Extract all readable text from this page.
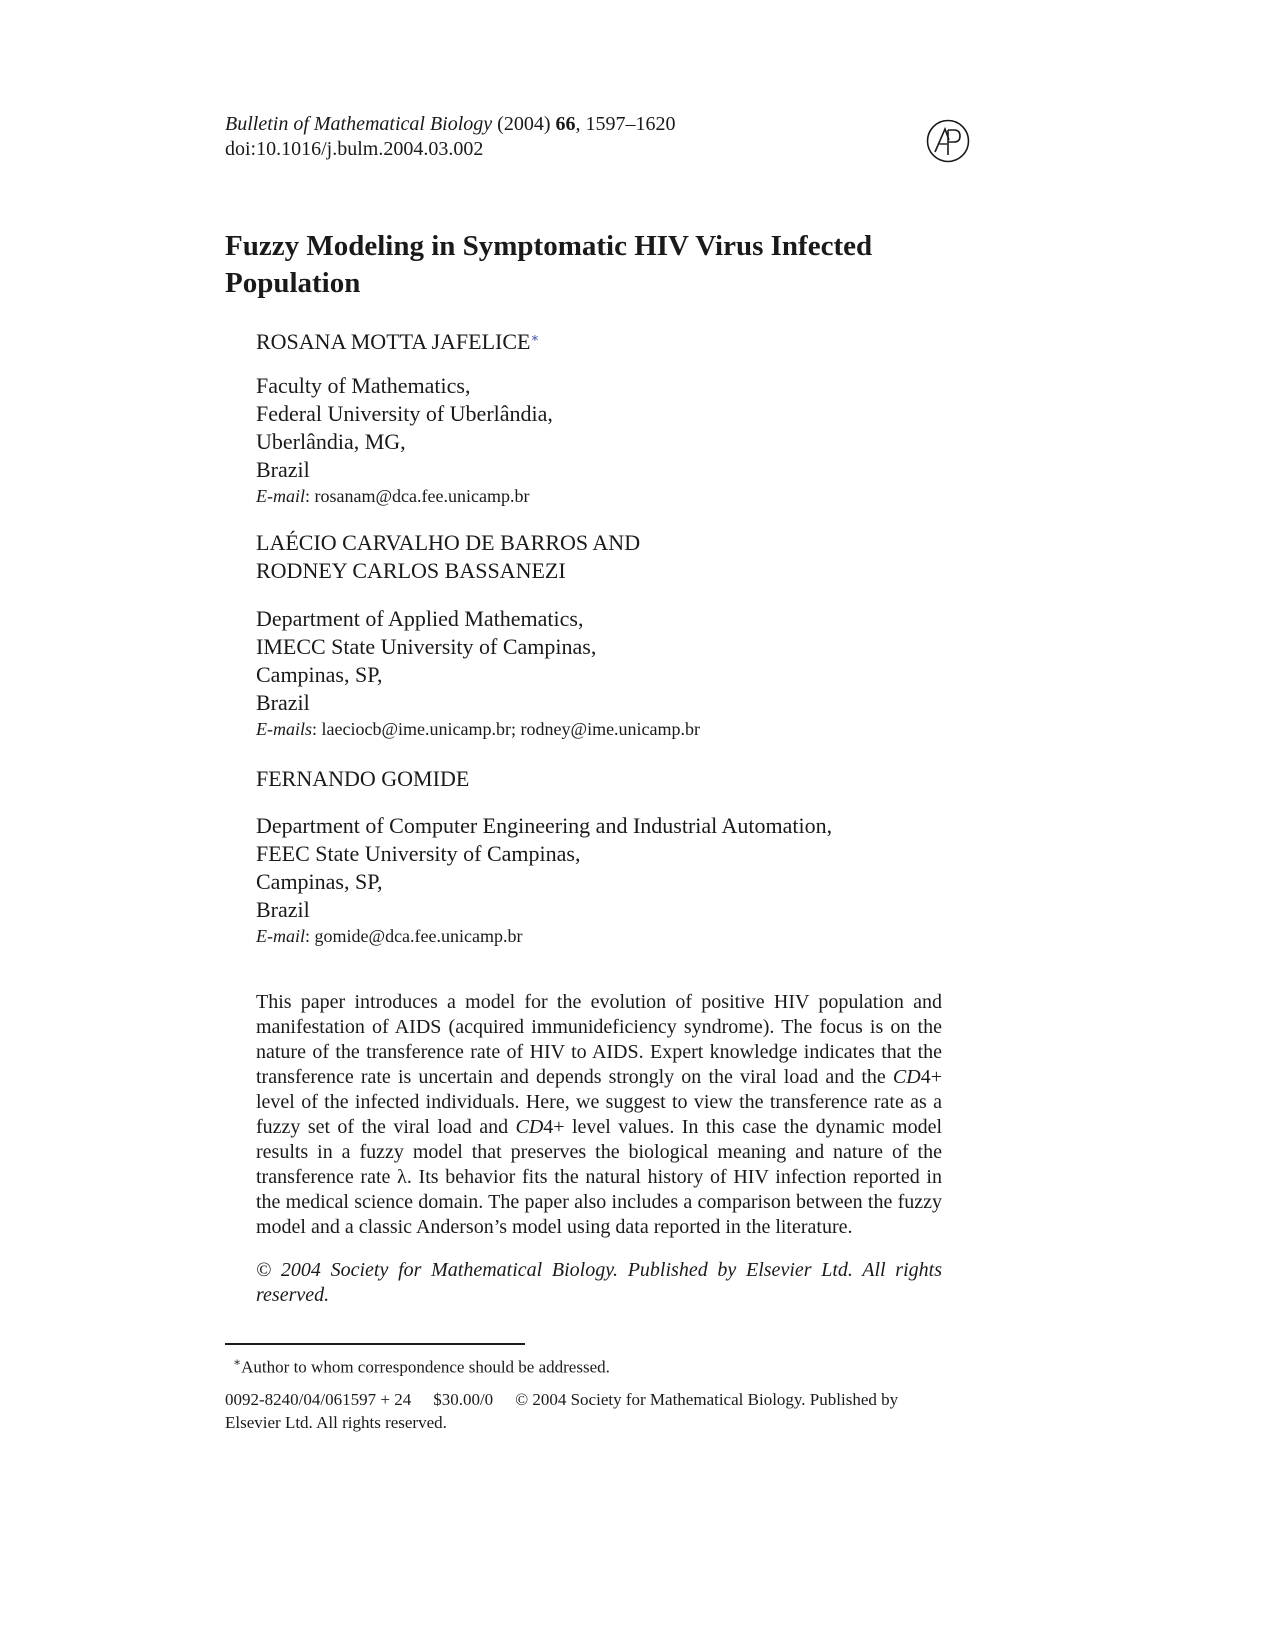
Bulletin of Mathematical Biology (2004) 66, 1597–1620
doi:10.1016/j.bulm.2004.03.002
Fuzzy Modeling in Symptomatic HIV Virus Infected
Population
ROSANA MOTTA JAFELICE∗
Faculty of Mathematics,
Federal University of Uberlândia,
Uberlândia, MG,
Brazil
E-mail: rosanam@dca.fee.unicamp.br
LAÉCIO CARVALHO DE BARROS AND
RODNEY CARLOS BASSANEZI
Department of Applied Mathematics,
IMECC State University of Campinas,
Campinas, SP,
Brazil
E-mails: laeciocb@ime.unicamp.br; rodney@ime.unicamp.br
FERNANDO GOMIDE
Department of Computer Engineering and Industrial Automation,
FEEC State University of Campinas,
Campinas, SP,
Brazil
E-mail: gomide@dca.fee.unicamp.br
This paper introduces a model for the evolution of positive HIV population and manifestation of AIDS (acquired immunideficiency syndrome). The focus is on the nature of the transference rate of HIV to AIDS. Expert knowledge indicates that the transference rate is uncertain and depends strongly on the viral load and the CD4+ level of the infected individuals. Here, we suggest to view the transference rate as a fuzzy set of the viral load and CD4+ level values. In this case the dynamic model results in a fuzzy model that preserves the biological meaning and nature of the transference rate λ. Its behavior fits the natural history of HIV infection reported in the medical science domain. The paper also includes a comparison between the fuzzy model and a classic Anderson’s model using data reported in the literature.
© 2004 Society for Mathematical Biology. Published by Elsevier Ltd. All rights reserved.
∗Author to whom correspondence should be addressed.
0092-8240/04/061597 + 24 $30.00/0 © 2004 Society for Mathematical Biology. Published by
Elsevier Ltd. All rights reserved.
